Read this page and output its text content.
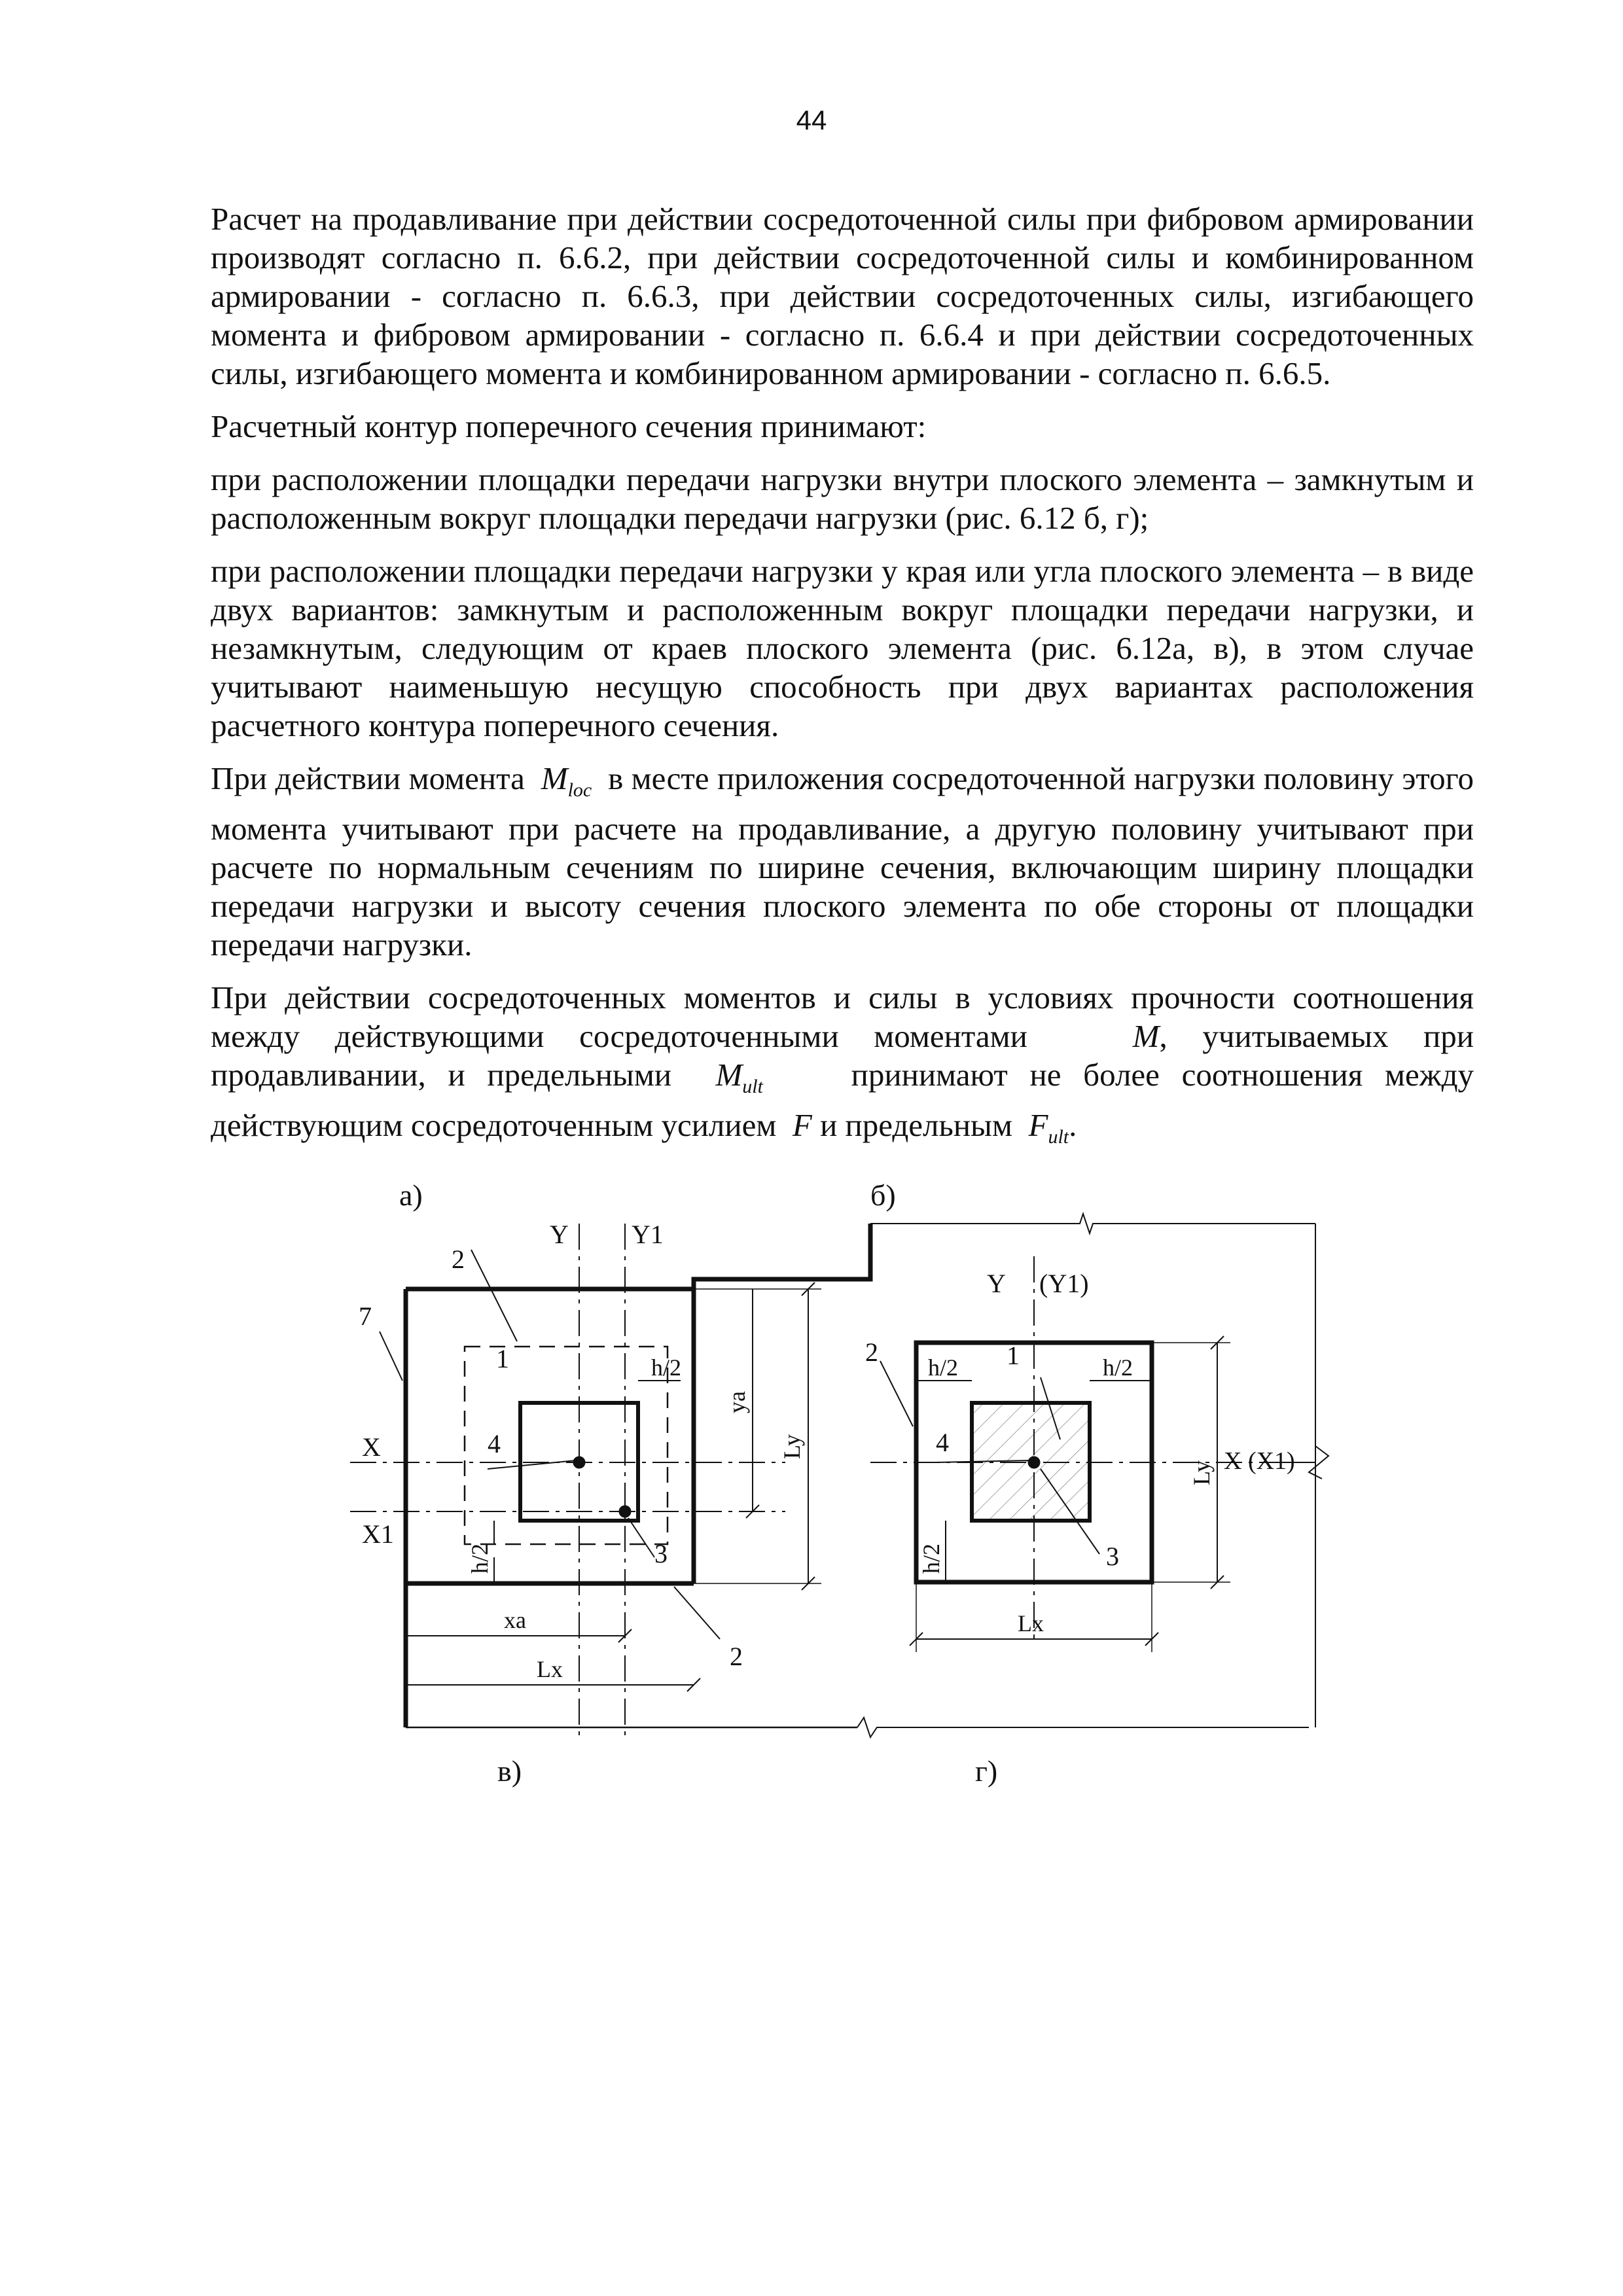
44

Расчет на продавливание при действии сосредоточенной силы при фибровом армировании производят согласно п. 6.6.2, при действии сосредоточенной силы и комбинированном армировании - согласно п. 6.6.3, при действии сосредоточенных силы, изгибающего момента и фибровом армировании - согласно п. 6.6.4 и при действии сосредоточенных силы, изгибающего момента и комбинированном армировании - согласно п. 6.6.5.

Расчетный контур поперечного сечения принимают:

при расположении площадки передачи нагрузки внутри плоского элемента – замкнутым и расположенным вокруг площадки передачи нагрузки (рис. 6.12 б, г);

при расположении площадки передачи нагрузки у края или угла плоского элемента – в виде двух вариантов: замкнутым и расположенным вокруг площадки передачи нагрузки, и незамкнутым, следующим от краев плоского элемента (рис. 6.12а, в), в этом случае учитывают наименьшую несущую способность при двух вариантах расположения расчетного контура поперечного сечения.

При действии момента $M_{loc}$ в месте приложения сосредоточенной нагрузки половину этого момента учитывают при расчете на продавливание, а другую половину учитывают при расчете по нормальным сечениям по ширине сечения, включающим ширину площадки передачи нагрузки и высоту сечения плоского элемента по обе стороны от площадки передачи нагрузки.

При действии сосредоточенных моментов и силы в условиях прочности соотношения между действующими сосредоточенными моментами	M, учитываемых при продавливании, и предельными $M_{ult}$	принимают не более соотношения между действующим сосредоточенным усилием F и предельным $F_{ult}$.

а)	б)
в)	г)
Y Y1
X
X1
2
1
4
3
2
7
h/2
h/2
ya
Ly
xa
Lx
Y (Y1)
X (X1)
2	1
4
3
h/2	h/2
h/2
Ly
Lx
